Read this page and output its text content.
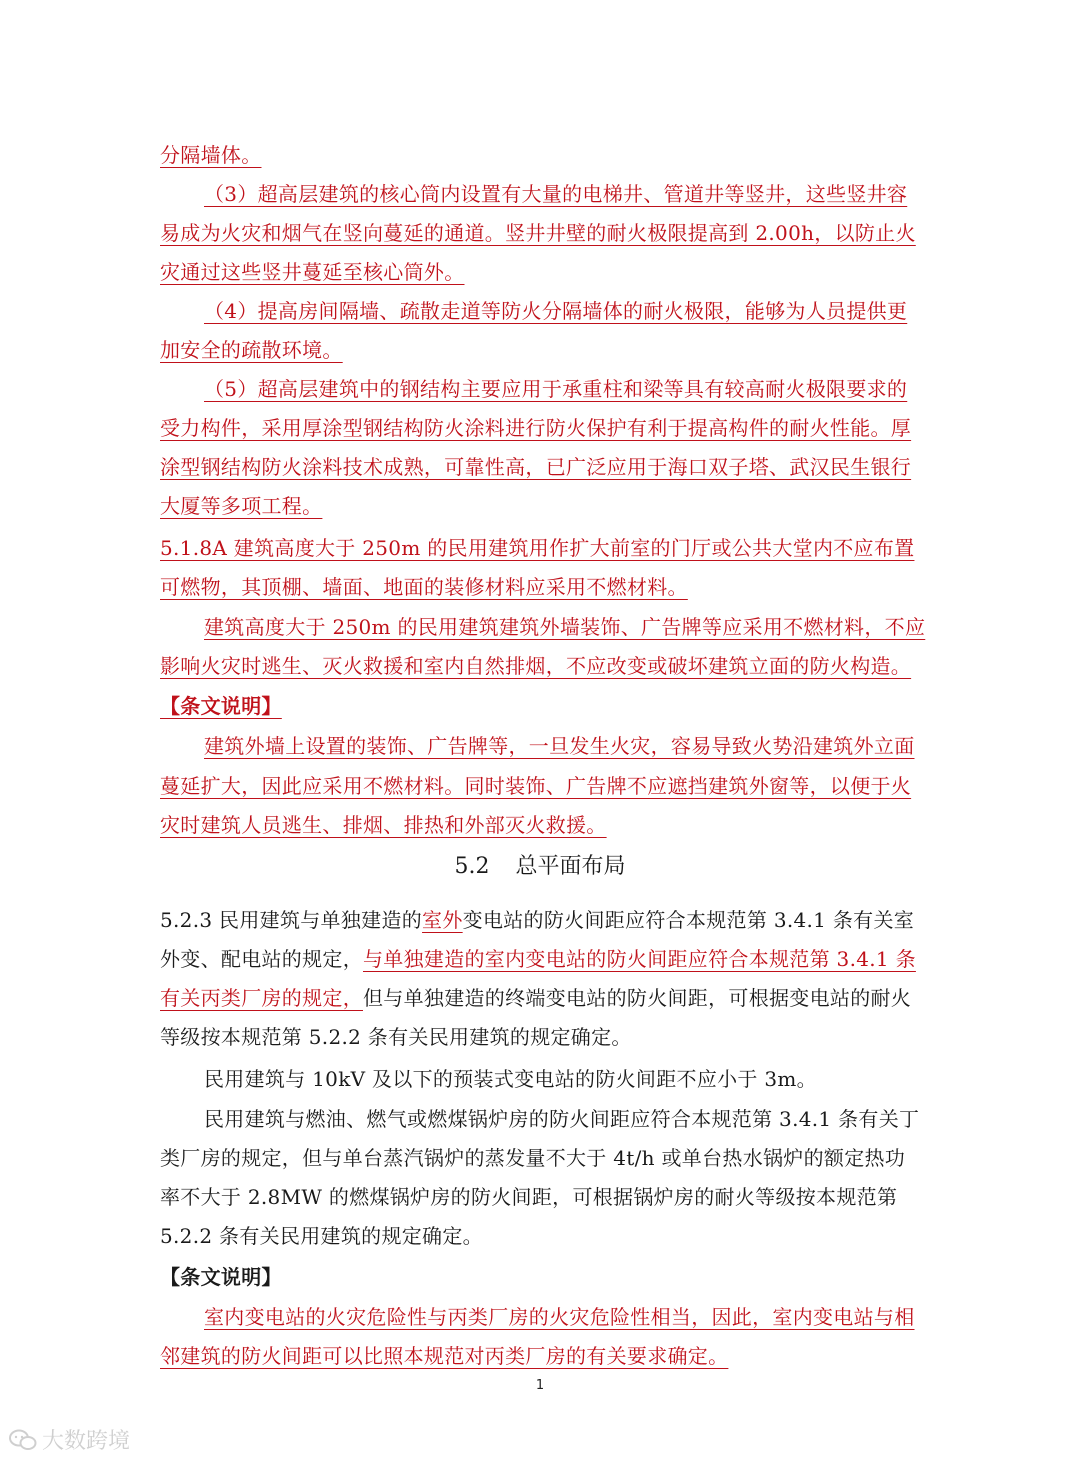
分隔墙体。
（3）超高层建筑的核心筒内设置有大量的电梯井、管道井等竖井，这些竖井容
易成为火灾和烟气在竖向蔓延的通道。竖井井壁的耐火极限提高到 2.00h，以防止火
灾通过这些竖井蔓延至核心筒外。
（4）提高房间隔墙、疏散走道等防火分隔墙体的耐火极限，能够为人员提供更
加安全的疏散环境。
（5）超高层建筑中的钢结构主要应用于承重柱和梁等具有较高耐火极限要求的
受力构件，采用厚涂型钢结构防火涂料进行防火保护有利于提高构件的耐火性能。厚
涂型钢结构防火涂料技术成熟，可靠性高，已广泛应用于海口双子塔、武汉民生银行
大厦等多项工程。
5.1.8A 建筑高度大于 250m 的民用建筑用作扩大前室的门厅或公共大堂内不应布置
可燃物，其顶棚、墙面、地面的装修材料应采用不燃材料。
建筑高度大于 250m 的民用建筑建筑外墙装饰、广告牌等应采用不燃材料，不应
影响火灾时逃生、灭火救援和室内自然排烟，不应改变或破坏建筑立面的防火构造。
【条文说明】
建筑外墙上设置的装饰、广告牌等，一旦发生火灾，容易导致火势沿建筑外立面
蔓延扩大，因此应采用不燃材料。同时装饰、广告牌不应遮挡建筑外窗等，以便于火
灾时建筑人员逃生、排烟、排热和外部灭火救援。
5.2 总平面布局
5.2.3 民用建筑与单独建造的室外变电站的防火间距应符合本规范第 3.4.1 条有关室
外变、配电站的规定，与单独建造的室内变电站的防火间距应符合本规范第 3.4.1 条
有关丙类厂房的规定，但与单独建造的终端变电站的防火间距，可根据变电站的耐火
等级按本规范第 5.2.2 条有关民用建筑的规定确定。
民用建筑与 10kV 及以下的预装式变电站的防火间距不应小于 3m。
民用建筑与燃油、燃气或燃煤锅炉房的防火间距应符合本规范第 3.4.1 条有关丁
类厂房的规定，但与单台蒸汽锅炉的蒸发量不大于 4t/h 或单台热水锅炉的额定热功
率不大于 2.8MW 的燃煤锅炉房的防火间距，可根据锅炉房的耐火等级按本规范第
5.2.2 条有关民用建筑的规定确定。
【条文说明】
室内变电站的火灾危险性与丙类厂房的火灾危险性相当，因此，室内变电站与相
邻建筑的防火间距可以比照本规范对丙类厂房的有关要求确定。
1
大数跨境
